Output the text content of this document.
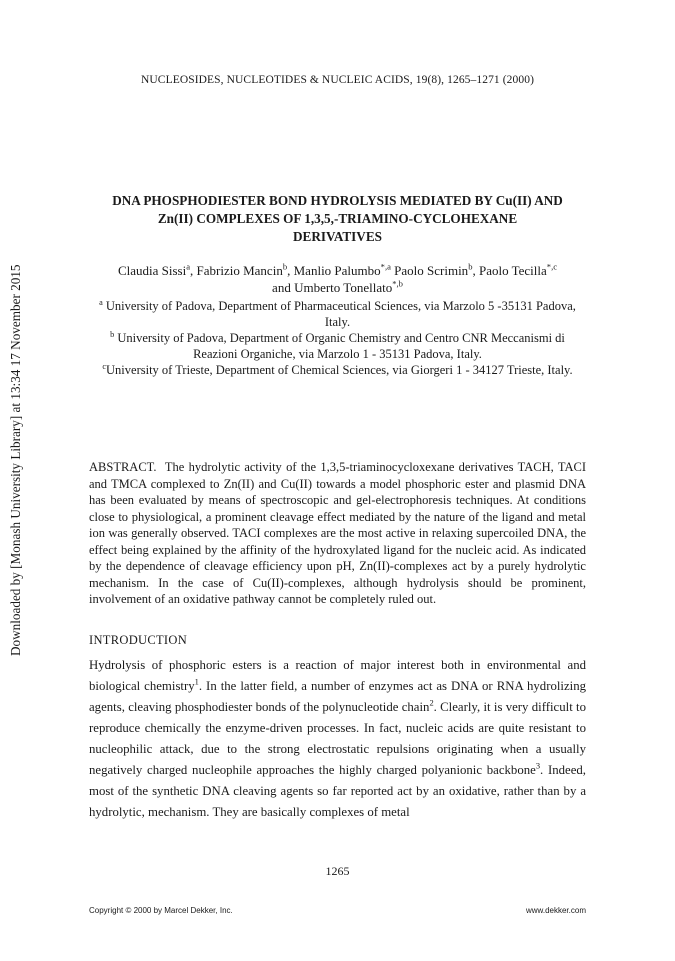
Downloaded by [Monash University Library] at 13:34 17 November 2015
NUCLEOSIDES, NUCLEOTIDES & NUCLEIC ACIDS, 19(8), 1265–1271 (2000)
DNA PHOSPHODIESTER BOND HYDROLYSIS MEDIATED BY Cu(II) AND
Zn(II) COMPLEXES OF 1,3,5,-TRIAMINO-CYCLOHEXANE DERIVATIVES
Claudia Sissi$^a$, Fabrizio Mancin$^b$, Manlio Palumbo$^{*,a}$ Paolo Scrimin$^b$, Paolo Tecilla$^{*,c}$ and Umberto Tonellato$^{*,b}$

$^a$ University of Padova, Department of Pharmaceutical Sciences, via Marzolo 5 -35131 Padova, Italy.

$^b$ University of Padova, Department of Organic Chemistry and Centro CNR Meccanismi di Reazioni Organiche, via Marzolo 1 - 35131 Padova, Italy.

$^c$University of Trieste, Department of Chemical Sciences, via Giorgeri 1 - 34127 Trieste, Italy.

ABSTRACT. The hydrolytic activity of the 1,3,5-triaminocycloxexane derivatives TACH, TACI and TMCA complexed to Zn(II) and Cu(II) towards a model phosphoric ester and plasmid DNA has been evaluated by means of spectroscopic and gel-electrophoresis techniques. At conditions close to physiological, a prominent cleavage effect mediated by the nature of the ligand and metal ion was generally observed. TACI complexes are the most active in relaxing supercoiled DNA, the effect being explained by the affinity of the hydroxylated ligand for the nucleic acid. As indicated by the dependence of cleavage efficiency upon pH, Zn(II)-complexes act by a purely hydrolytic mechanism. In the case of Cu(II)-complexes, although hydrolysis should be prominent, involvement of an oxidative pathway cannot be completely ruled out.

INTRODUCTION

Hydrolysis of phosphoric esters is a reaction of major interest both in environmental and biological chemistry$^1$. In the latter field, a number of enzymes act as DNA or RNA hydrolizing agents, cleaving phosphodiester bonds of the polynucleotide chain$^2$. Clearly, it is very difficult to reproduce chemically the enzyme-driven processes. In fact, nucleic acids are quite resistant to nucleophilic attack, due to the strong electrostatic repulsions originating when a usually negatively charged nucleophile approaches the highly charged polyanionic backbone$^3$. Indeed, most of the synthetic DNA cleaving agents so far reported act by an oxidative, rather than by a hydrolytic, mechanism. They are basically complexes of metal

1265
Copyright © 2000 by Marcel Dekker, Inc.	www.dekker.com
